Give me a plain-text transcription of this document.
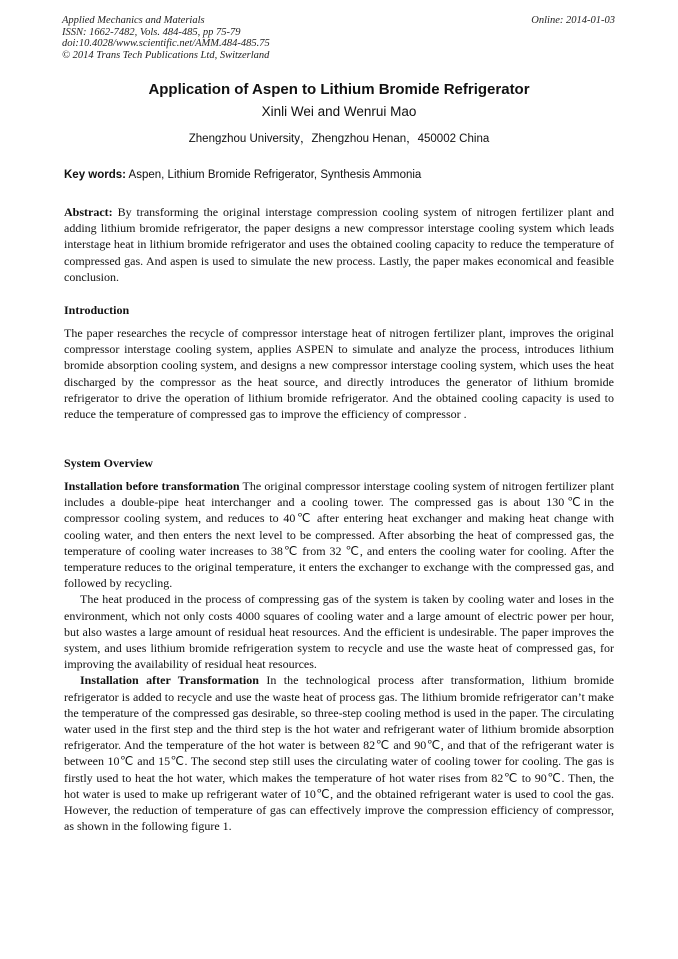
Applied Mechanics and Materials
ISSN: 1662-7482, Vols. 484-485, pp 75-79
doi:10.4028/www.scientific.net/AMM.484-485.75
© 2014 Trans Tech Publications Ltd, Switzerland
Online: 2014-01-03
Application of Aspen to Lithium Bromide Refrigerator
Xinli Wei and Wenrui Mao
Zhengzhou University，Zhengzhou Henan，450002 China
Key words: Aspen, Lithium Bromide Refrigerator, Synthesis Ammonia

Abstract: By transforming the original interstage compression cooling system of nitrogen fertilizer plant and adding lithium bromide refrigerator, the paper designs a new compressor interstage cooling system which leads interstage heat in lithium bromide refrigerator and uses the obtained cooling capacity to reduce the temperature of compressed gas. And aspen is used to simulate the new process. Lastly, the paper makes economical and feasible conclusion.

Introduction

The paper researches the recycle of compressor interstage heat of nitrogen fertilizer plant, improves the original compressor interstage cooling system, applies ASPEN to simulate and analyze the process, introduces lithium bromide absorption cooling system, and designs a new compressor interstage cooling system, which uses the heat discharged by the compressor as the heat source, and directly introduces the generator of lithium bromide refrigerator to drive the operation of lithium bromide refrigerator. And the obtained cooling capacity is used to reduce the temperature of compressed gas to improve the efficiency of compressor .

System Overview

Installation before transformation The original compressor interstage cooling system of nitrogen fertilizer plant includes a double-pipe heat interchanger and a cooling tower. The compressed gas is about 130℃in the compressor cooling system, and reduces to 40℃ after entering heat exchanger and making heat change with cooling water, and then enters the next level to be compressed. After absorbing the heat of compressed gas, the temperature of cooling water increases to 38℃ from 32 ℃, and enters the cooling water for cooling. After the temperature reduces to the original temperature, it enters the exchanger to exchange with the compressed gas, and followed by recycling.

The heat produced in the process of compressing gas of the system is taken by cooling water and loses in the environment, which not only costs 4000 squares of cooling water and a large amount of electric power per hour, but also wastes a large amount of residual heat resources. And the efficient is undesirable. The paper improves the system, and uses lithium bromide refrigeration system to recycle and use the waste heat of compressed gas, for improving the availability of residual heat resources.

Installation after Transformation In the technological process after transformation, lithium bromide refrigerator is added to recycle and use the waste heat of process gas. The lithium bromide refrigerator can’t make the temperature of the compressed gas desirable, so three-step cooling method is used in the paper. The circulating water used in the first step and the third step is the hot water and refrigerant water of lithium bromide absorption refrigerator. And the temperature of the hot water is between 82℃ and 90℃, and that of the refrigerant water is between 10℃ and 15℃. The second step still uses the circulating water of cooling tower for cooling. The gas is firstly used to heat the hot water, which makes the temperature of hot water rises from 82℃ to 90℃. Then, the hot water is used to make up refrigerant water of 10℃, and the obtained refrigerant water is used to cool the gas. However, the reduction of temperature of gas can effectively improve the compression efficiency of compressor, as shown in the following figure 1.
